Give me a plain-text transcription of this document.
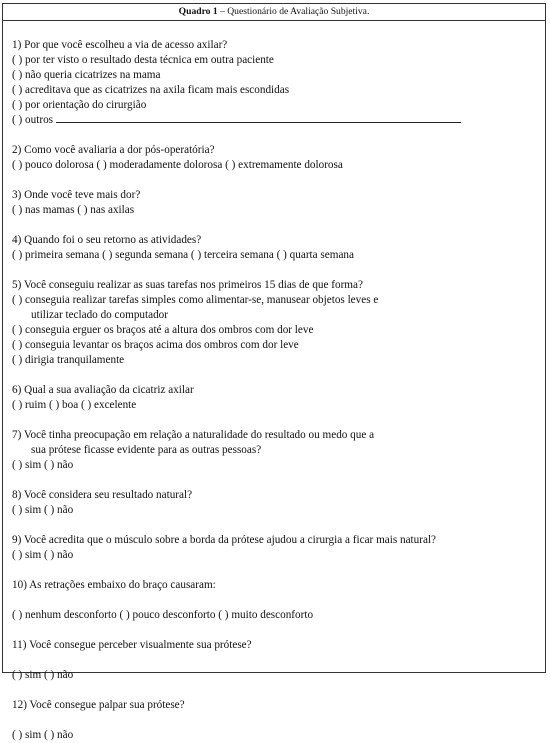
Quadro 1 – Questionário de Avaliação Subjetiva.
1) Por que você escolheu a via de acesso axilar?
( ) por ter visto o resultado desta técnica em outra paciente
( ) não queria cicatrizes na mama
( ) acreditava que as cicatrizes na axila ficam mais escondidas
( ) por orientação do cirurgião
( ) outros
2) Como você avaliaria a dor pós-operatória?
( ) pouco dolorosa ( ) moderadamente dolorosa ( ) extremamente dolorosa
3) Onde você teve mais dor?
( ) nas mamas ( ) nas axilas
4) Quando foi o seu retorno as atividades?
( ) primeira semana ( ) segunda semana ( ) terceira semana ( ) quarta semana
5) Você conseguiu realizar as suas tarefas nos primeiros 15 dias de que forma?
( ) conseguia realizar tarefas simples como alimentar-se, manusear objetos leves e
utilizar teclado do computador
( ) conseguia erguer os braços até a altura dos ombros com dor leve
( ) conseguia levantar os braços acima dos ombros com dor leve
( ) dirigia tranquilamente
6) Qual a sua avaliação da cicatriz axilar
( ) ruim ( ) boa ( ) excelente
7) Você tinha preocupação em relação a naturalidade do resultado ou medo que a
sua prótese ficasse evidente para as outras pessoas?
( ) sim ( ) não
8) Você considera seu resultado natural?
( ) sim ( ) não
9) Você acredita que o músculo sobre a borda da prótese ajudou a cirurgia a ficar mais natural?
( ) sim ( ) não
10) As retrações embaixo do braço causaram:
( ) nenhum desconforto ( ) pouco desconforto ( ) muito desconforto
11) Você consegue perceber visualmente sua prótese?
( ) sim ( ) não
12) Você consegue palpar sua prótese?
( ) sim ( ) não
